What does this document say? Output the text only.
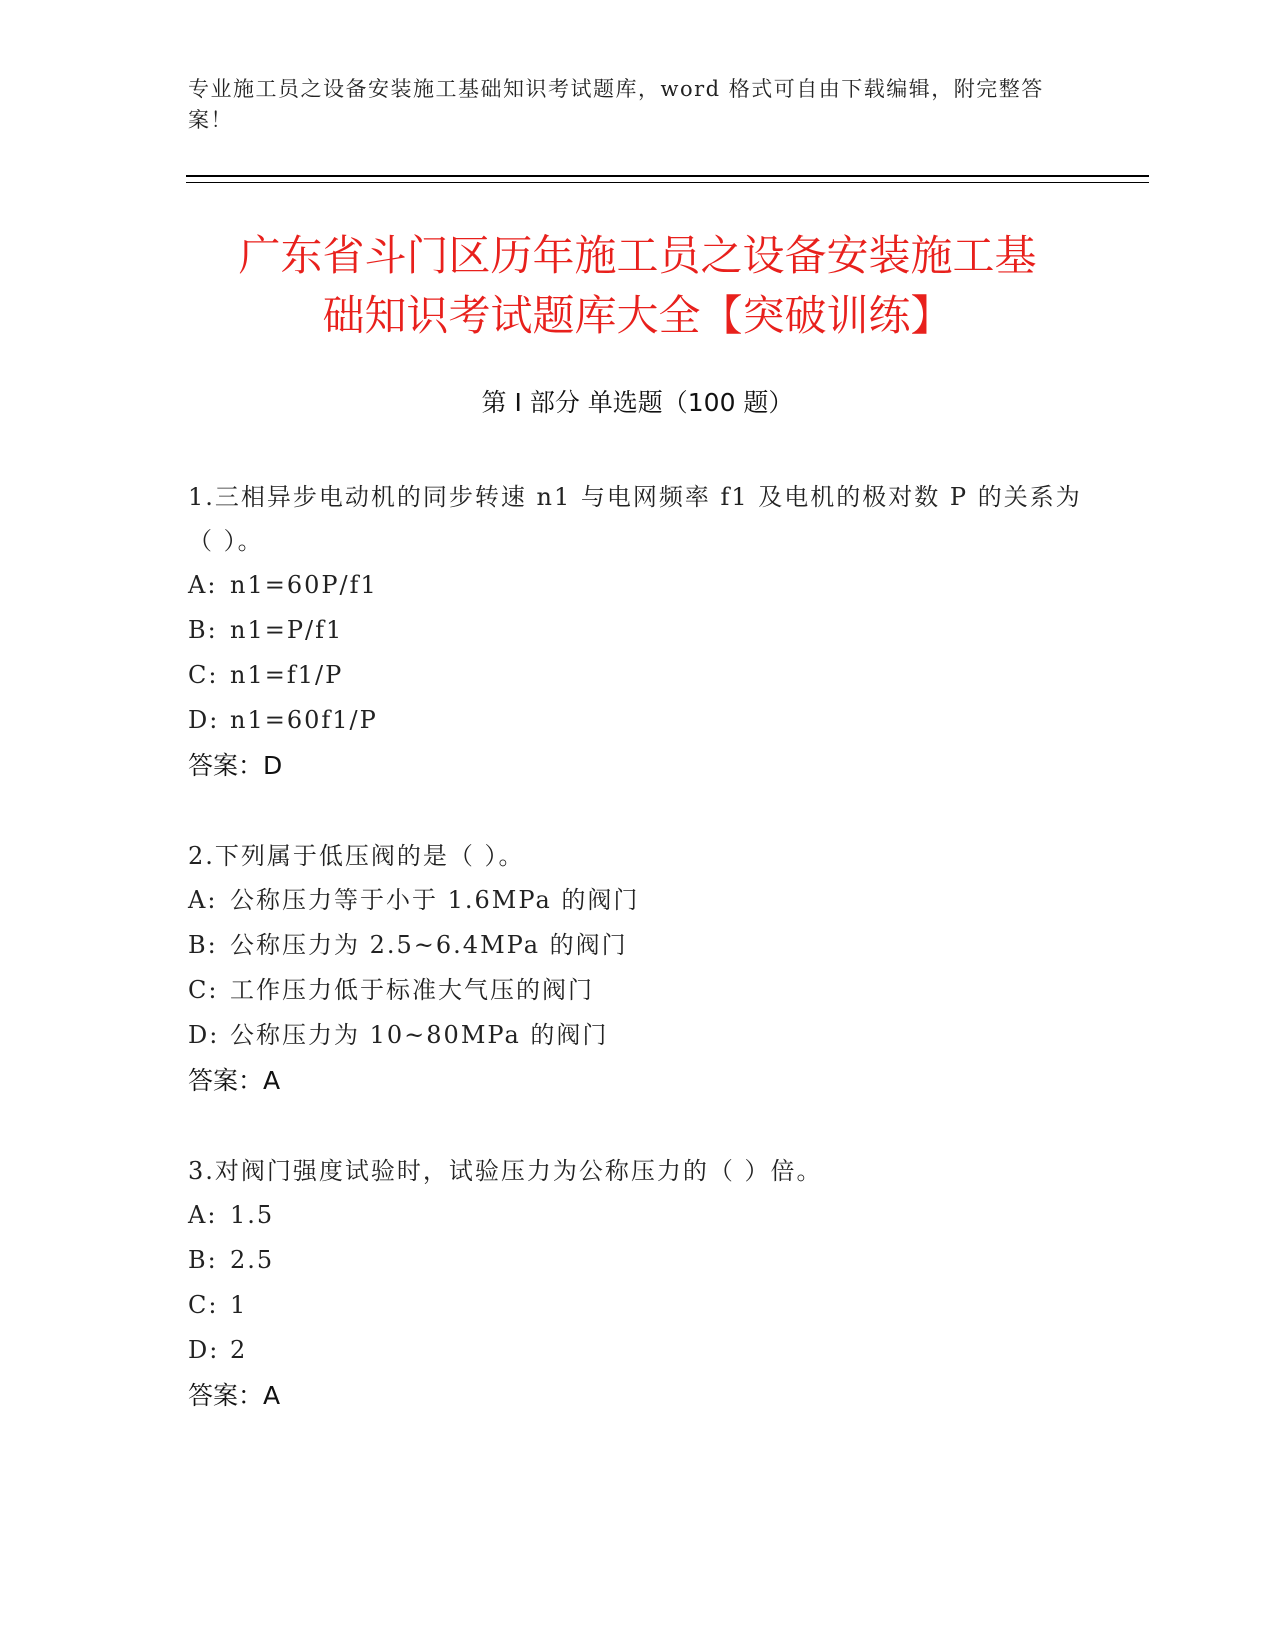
专业施工员之设备安装施工基础知识考试题库，word 格式可自由下载编辑，附完整答案！
广东省斗门区历年施工员之设备安装施工基
础知识考试题库大全【突破训练】
第 I 部分 单选题（100 题）
1.三相异步电动机的同步转速 n1 与电网频率 f1 及电机的极对数 P 的关系为（ ）。
A: n1=60P/f1
B: n1=P/f1
C: n1=f1/P
D: n1=60f1/P
答案：D
2.下列属于低压阀的是（ ）。
A: 公称压力等于小于 1.6MPa 的阀门
B: 公称压力为 2.5~6.4MPa 的阀门
C: 工作压力低于标准大气压的阀门
D: 公称压力为 10~80MPa 的阀门
答案：A
3.对阀门强度试验时，试验压力为公称压力的（ ）倍。
A: 1.5
B: 2.5
C: 1
D: 2
答案：A
